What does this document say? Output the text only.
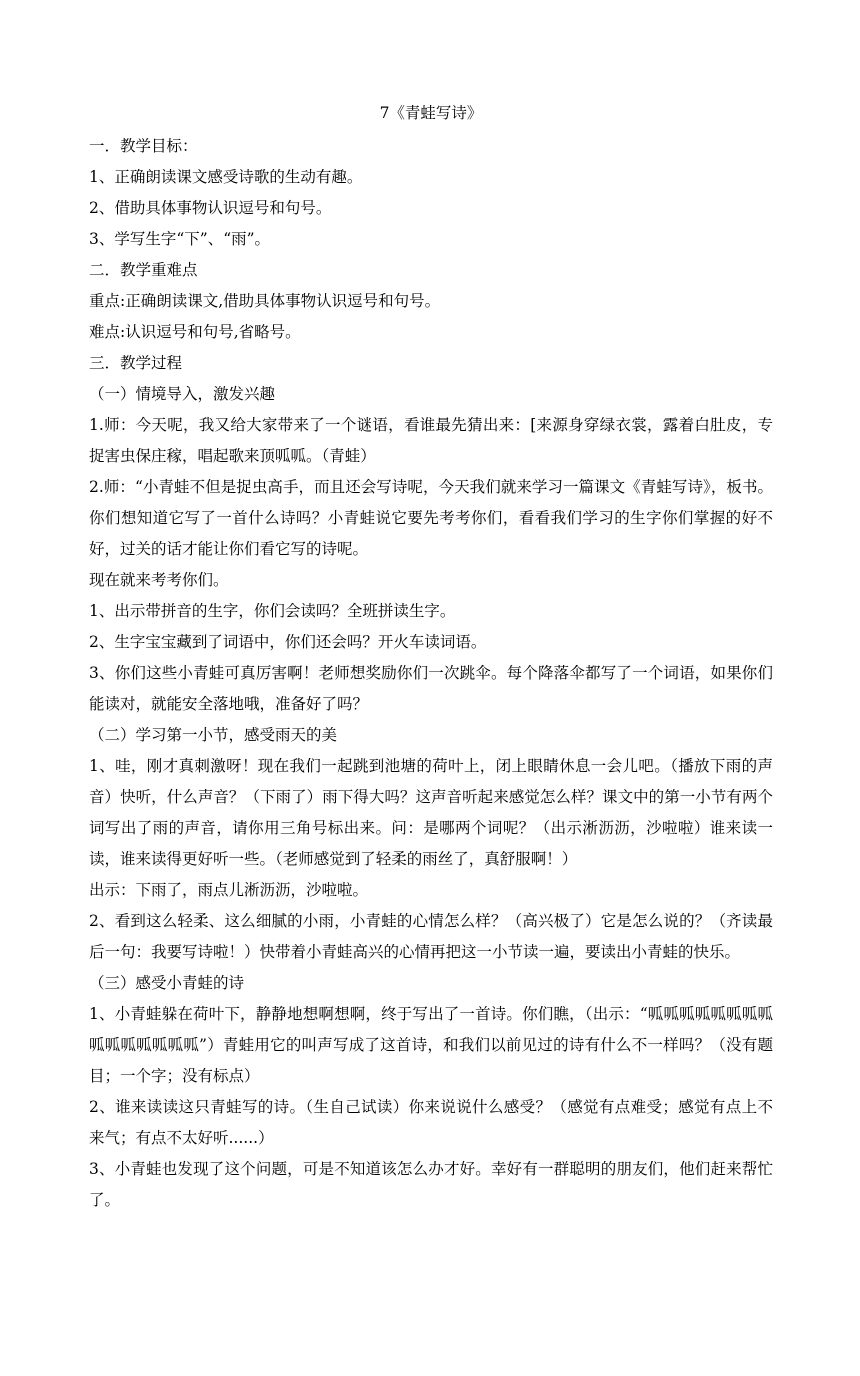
7《青蛙写诗》

一．教学目标：

1、正确朗读课文感受诗歌的生动有趣。

2、借助具体事物认识逗号和句号。

3、学写生字“下”、“雨”。

二．教学重难点

重点:正确朗读课文,借助具体事物认识逗号和句号。

难点:认识逗号和句号,省略号。

三．教学过程

（一）情境导入，激发兴趣

1.师：今天呢，我又给大家带来了一个谜语，看谁最先猜出来：[来源身穿绿衣裳，露着白肚皮，专捉害虫保庄稼，唱起歌来顶呱呱。（青蛙）

2.师：“小青蛙不但是捉虫高手，而且还会写诗呢，今天我们就来学习一篇课文《青蛙写诗》，板书。你们想知道它写了一首什么诗吗？小青蛙说它要先考考你们，看看我们学习的生字你们掌握的好不好，过关的话才能让你们看它写的诗呢。

现在就来考考你们。

1、出示带拼音的生字，你们会读吗？全班拼读生字。

2、生字宝宝藏到了词语中，你们还会吗？开火车读词语。

3、你们这些小青蛙可真厉害啊！老师想奖励你们一次跳伞。每个降落伞都写了一个词语，如果你们能读对，就能安全落地哦，准备好了吗？

（二）学习第一小节，感受雨天的美

1、哇，刚才真刺激呀！现在我们一起跳到池塘的荷叶上，闭上眼睛休息一会儿吧。（播放下雨的声音）快听，什么声音？（下雨了）雨下得大吗？这声音听起来感觉怎么样？课文中的第一小节有两个词写出了雨的声音，请你用三角号标出来。问：是哪两个词呢？（出示淅沥沥，沙啦啦）谁来读一读，谁来读得更好听一些。（老师感觉到了轻柔的雨丝了，真舒服啊！）

出示：下雨了，雨点儿淅沥沥，沙啦啦。

2、看到这么轻柔、这么细腻的小雨，小青蛙的心情怎么样？（高兴极了）它是怎么说的？（齐读最后一句：我要写诗啦！）快带着小青蛙高兴的心情再把这一小节读一遍，要读出小青蛙的快乐。

（三）感受小青蛙的诗

1、小青蛙躲在荷叶下，静静地想啊想啊，终于写出了一首诗。你们瞧，（出示：“呱呱呱呱呱呱呱呱呱呱呱呱呱呱呱”）青蛙用它的叫声写成了这首诗，和我们以前见过的诗有什么不一样吗？（没有题目；一个字；没有标点）

2、谁来读读这只青蛙写的诗。（生自己试读）你来说说什么感受？（感觉有点难受；感觉有点上不来气；有点不太好听......）

3、小青蛙也发现了这个问题，可是不知道该怎么办才好。幸好有一群聪明的朋友们，他们赶来帮忙了。
